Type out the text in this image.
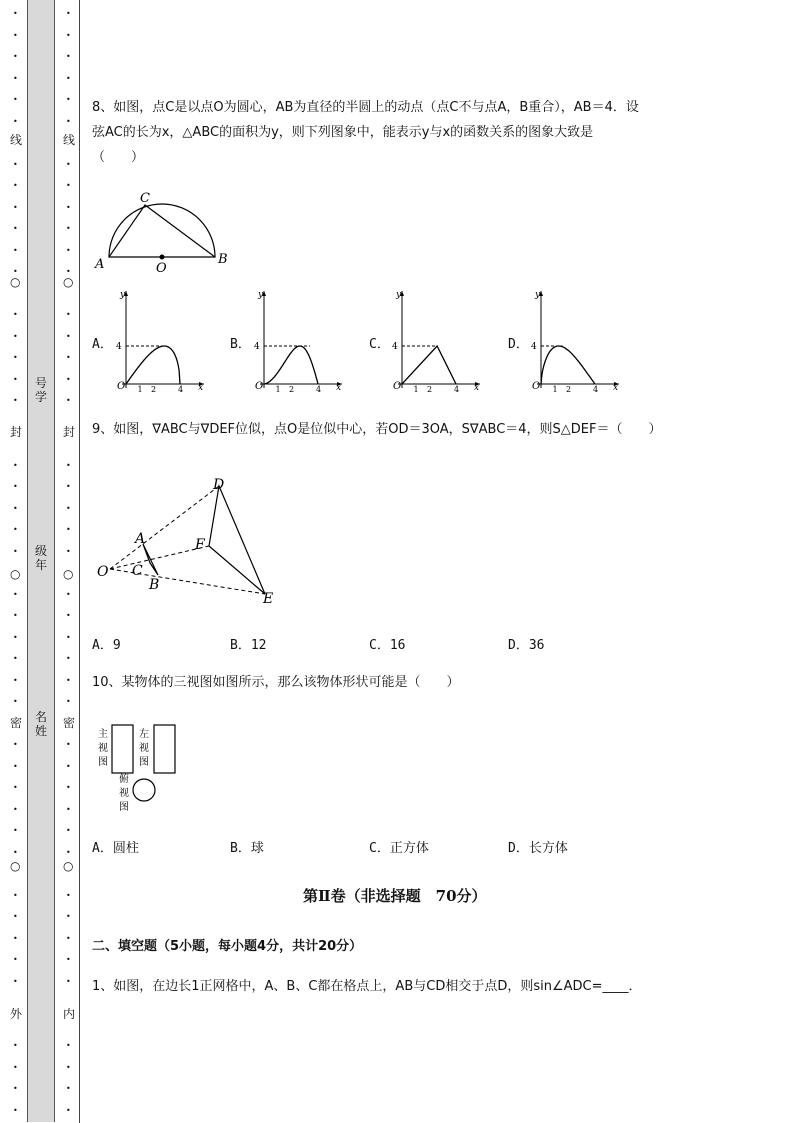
•
•
•
•
•
•
•
•
•
•
•
•
•
•
•
•
•
•
•
•
•
•
•
•
•
•
•
•
•
•
•
•
•
•
•
•
•
•
•
•
•
•
•
○
○
○
•
•
•
•
•
•
•
•
•
•
•
•
•
•
•
•
•
•
•
•
•
•
•
•
•
•
•
•
•
•
•
•
•
•
•
•
•
•
•
•
•
•
•
○
○
○
线
封
密
外
线
封
密
内
号学
级年
名姓
8、如图，点C是以点O为圆心，AB为直径的半圆上的动点（点C不与点A，B重合），AB＝4．设
弦AC的长为x，△ABC的面积为y，则下列图象中，能表示y与x的函数关系的图象大致是
（　　）
A	B
C
O
A．	B．	C．	D．
y
x
4
O 1 2	4
y
x
4
O 1 2	4
y
x
4
O 1 2	4
y
x
4
O 1 2	4
9、如图，∇ABC与∇DEF位似，点O是位似中心，若OD＝3OA，S∇ABC＝4，则S△DEF＝（　　）
O
A
B
C
D
E
F
A．9	B．12	C．16	D．36
10、某物体的三视图如图所示，那么该物体形状可能是（　　）
主
视
图
左
视
图
俯
视
图
A．圆柱	B．球	C．正方体	D．长方体
第Ⅱ卷（非选择题　70分）
二、填空题（5小题，每小题4分，共计20分）
1、如图，在边长1正网格中，A、B、C都在格点上，AB与CD相交于点D，则sin∠ADC=____．
